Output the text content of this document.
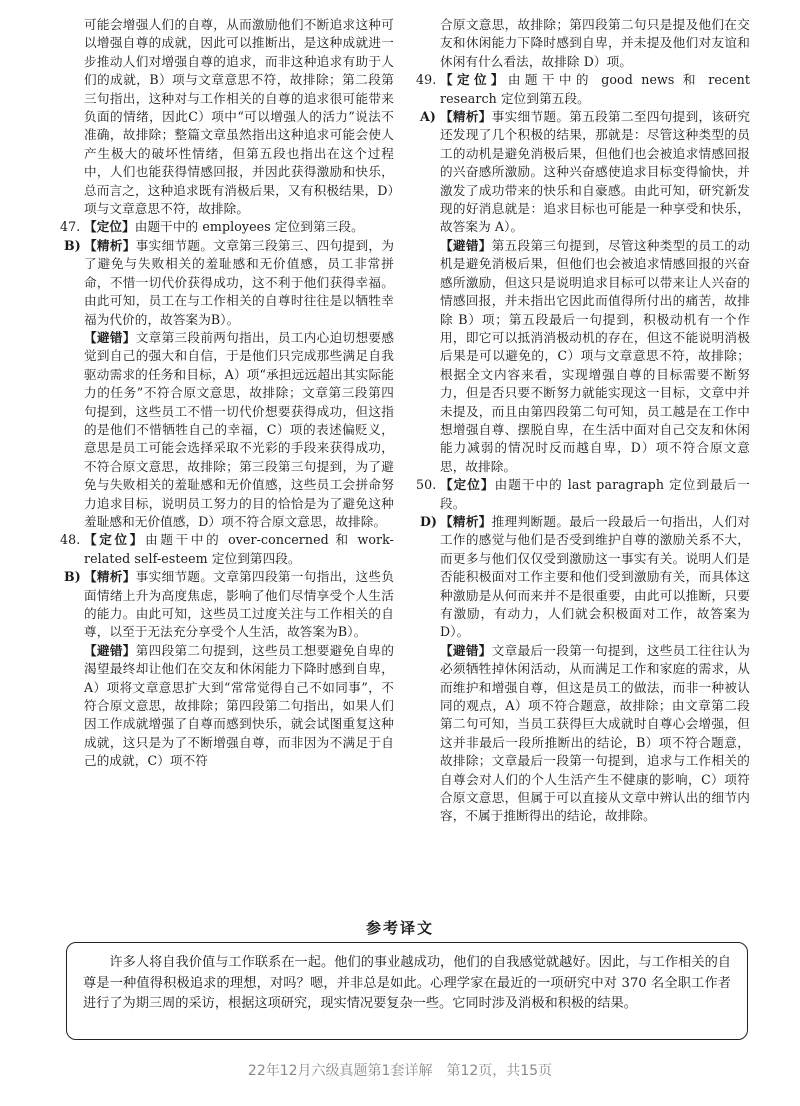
可能会增强人们的自尊，从而激励他们不断追求这种可以增强自尊的成就，因此可以推断出，是这种成就进一步推动人们对增强自尊的追求，而非这种追求有助于人们的成就，B）项与文章意思不符，故排除；第二段第三句指出，这种对与工作相关的自尊的追求很可能带来负面的情绪，因此C）项中“可以增强人的活力”说法不准确，故排除；整篇文章虽然指出这种追求可能会使人产生极大的破坏性情绪，但第五段也指出在这个过程中，人们也能获得情感回报，并因此获得激励和快乐，总而言之，这种追求既有消极后果，又有积极结果，D）项与文章意思不符，故排除。

47. 【定位】由题干中的 employees 定位到第三段。

B) 【精析】事实细节题。文章第三段第三、四句提到，为了避免与失败相关的羞耻感和无价值感，员工非常拼命，不惜一切代价获得成功，这不利于他们获得幸福。由此可知，员工在与工作相关的自尊时往往是以牺牲幸福为代价的，故答案为B）。

【避错】文章第三段前两句指出，员工内心迫切想要感觉到自己的强大和自信，于是他们只完成那些满足自我驱动需求的任务和目标，A）项“承担远远超出其实际能力的任务”不符合原文意思，故排除；文章第三段第四句提到，这些员工不惜一切代价想要获得成功，但这指的是他们不惜牺牲自己的幸福，C）项的表述偏贬义，意思是员工可能会选择采取不光彩的手段来获得成功，不符合原文意思，故排除；第三段第三句提到，为了避免与失败相关的羞耻感和无价值感，这些员工会拼命努力追求目标，说明员工努力的目的恰恰是为了避免这种羞耻感和无价值感，D）项不符合原文意思，故排除。

48. 【定位】由题干中的 over-concerned 和 work-related self-esteem 定位到第四段。

B) 【精析】事实细节题。文章第四段第一句指出，这些负面情绪上升为高度焦虑，影响了他们尽情享受个人生活的能力。由此可知，这些员工过度关注与工作相关的自尊，以至于无法充分享受个人生活，故答案为B）。

【避错】第四段第二句提到，这些员工想要避免自卑的渴望最终却让他们在交友和休闲能力下降时感到自卑，A）项将文章意思扩大到“常常觉得自己不如同事”，不符合原文意思，故排除；第四段第二句指出，如果人们因工作成就增强了自尊而感到快乐，就会试图重复这种成就，这只是为了不断增强自尊，而非因为不满足于自己的成就，C）项不符

合原文意思，故排除；第四段第二句只是提及他们在交友和休闲能力下降时感到自卑，并未提及他们对友谊和休闲有什么看法，故排除 D）项。

49. 【定位】由题干中的 good news 和 recent research 定位到第五段。

A) 【精析】事实细节题。第五段第二至四句提到，该研究还发现了几个积极的结果，那就是：尽管这种类型的员工的动机是避免消极后果，但他们也会被追求情感回报的兴奋感所激励。这种兴奋感使追求目标变得愉快，并激发了成功带来的快乐和自豪感。由此可知，研究新发现的好消息就是：追求目标也可能是一种享受和快乐，故答案为 A）。

【避错】第五段第三句提到，尽管这种类型的员工的动机是避免消极后果，但他们也会被追求情感回报的兴奋感所激励，但这只是说明追求目标可以带来让人兴奋的情感回报，并未指出它因此而值得所付出的痛苦，故排除 B）项；第五段最后一句提到，积极动机有一个作用，即它可以抵消消极动机的存在，但这不能说明消极后果是可以避免的，C）项与文章意思不符，故排除；根据全文内容来看，实现增强自尊的目标需要不断努力，但是否只要不断努力就能实现这一目标，文章中并未提及，而且由第四段第二句可知，员工越是在工作中想增强自尊、摆脱自卑，在生活中面对自己交友和休闲能力减弱的情况时反而越自卑，D）项不符合原文意思，故排除。

50. 【定位】由题干中的 last paragraph 定位到最后一段。

D) 【精析】推理判断题。最后一段最后一句指出，人们对工作的感觉与他们是否受到维护自尊的激励关系不大，而更多与他们仅仅受到激励这一事实有关。说明人们是否能积极面对工作主要和他们受到激励有关，而具体这种激励是从何而来并不是很重要，由此可以推断，只要有激励，有动力，人们就会积极面对工作，故答案为 D）。

【避错】文章最后一段第一句提到，这些员工往往认为必须牺牲掉休闲活动，从而满足工作和家庭的需求，从而维护和增强自尊，但这是员工的做法，而非一种被认同的观点，A）项不符合题意，故排除；由文章第二段第二句可知，当员工获得巨大成就时自尊心会增强，但这并非最后一段所推断出的结论，B）项不符合题意，故排除；文章最后一段第一句提到，追求与工作相关的自尊会对人们的个人生活产生不健康的影响，C）项符合原文意思，但属于可以直接从文章中辨认出的细节内容，不属于推断得出的结论，故排除。

参考译文

许多人将自我价值与工作联系在一起。他们的事业越成功，他们的自我感觉就越好。因此，与工作相关的自尊是一种值得积极追求的理想，对吗？嗯，并非总是如此。心理学家在最近的一项研究中对 370 名全职工作者进行了为期三周的采访，根据这项研究，现实情况要复杂一些。它同时涉及消极和积极的结果。

22年12月六级真题第1套详解　第12页，共15页
